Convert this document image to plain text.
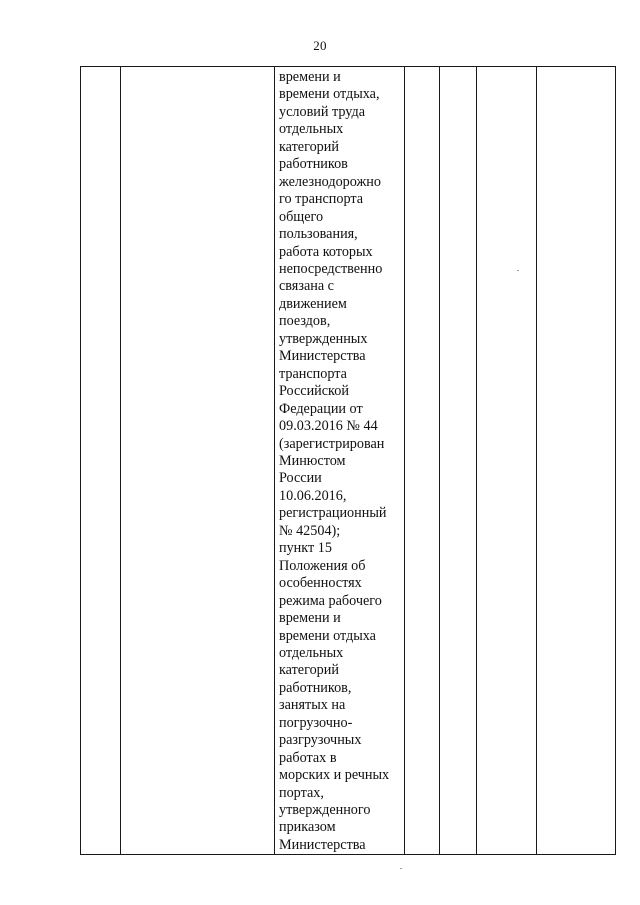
20

времени и
времени отдыха,
условий труда
отдельных
категорий
работников
железнодорожно
го транспорта
общего
пользования,
работа которых
непосредственно
связана с
движением
поездов,
утвержденных
Министерства
транспорта
Российской
Федерации от
09.03.2016 № 44
(зарегистрирован
Минюстом
России
10.06.2016,
регистрационный
№ 42504);
пункт 15
Положения об
особенностях
режима рабочего
времени и
времени отдыха
отдельных
категорий
работников,
занятых на
погрузочно-
разгрузочных
работах в
морских и речных
портах,
утвержденного
приказом
Министерства
